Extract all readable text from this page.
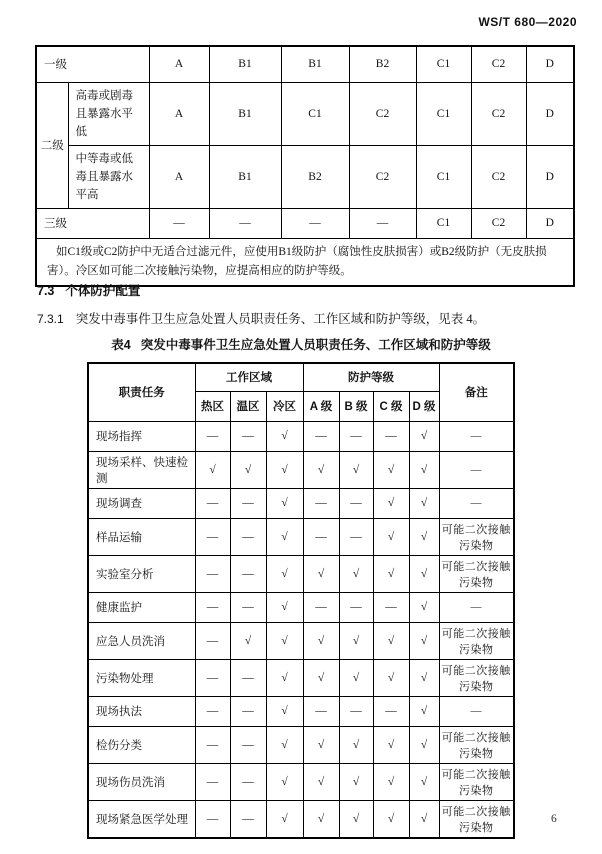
WS/T 680—2020
一级		A	B1	B1	B2	C1	C2	D
二级	高毒或剧毒且暴露水平低	A	B1	C1	C2	C1	C2	D
	中等毒或低毒且暴露水平高	A	B1	B2	C2	C1	C2	D
三级		—	—	—	—	C1	C2	D
如C1级或C2防护中无适合过滤元件，应使用B1级防护（腐蚀性皮肤损害）或B2级防护（无皮肤损害）。冷区如可能二次接触污染物，应提高相应的防护等级。								
7.3 个体防护配置
7.3.1 突发中毒事件卫生应急处置人员职责任务、工作区域和防护等级，见表 4。
表4 突发中毒事件卫生应急处置人员职责任务、工作区域和防护等级
职责任务	工作区域			防护等级				备注
	热区	温区	冷区	A 级	B 级	C 级	D 级	
现场指挥	—	—	√	—	—	—	√	—
现场采样、快速检测	√	√	√	√	√	√	√	—
现场调查	—	—	√	—	—	√	√	—
样品运输	—	—	√	—	—	√	√	可能二次接触污染物
实验室分析	—	—	√	√	√	√	√	可能二次接触污染物
健康监护	—	—	√	—	—	—	√	—
应急人员洗消	—	√	√	√	√	√	√	可能二次接触污染物
污染物处理	—	—	√	√	√	√	√	可能二次接触污染物
现场执法	—	—	√	—	—	—	√	—
检伤分类	—	—	√	√	√	√	√	可能二次接触污染物
现场伤员洗消	—	—	√	√	√	√	√	可能二次接触污染物
现场紧急医学处理	—	—	√	√	√	√	√	可能二次接触污染物
6
